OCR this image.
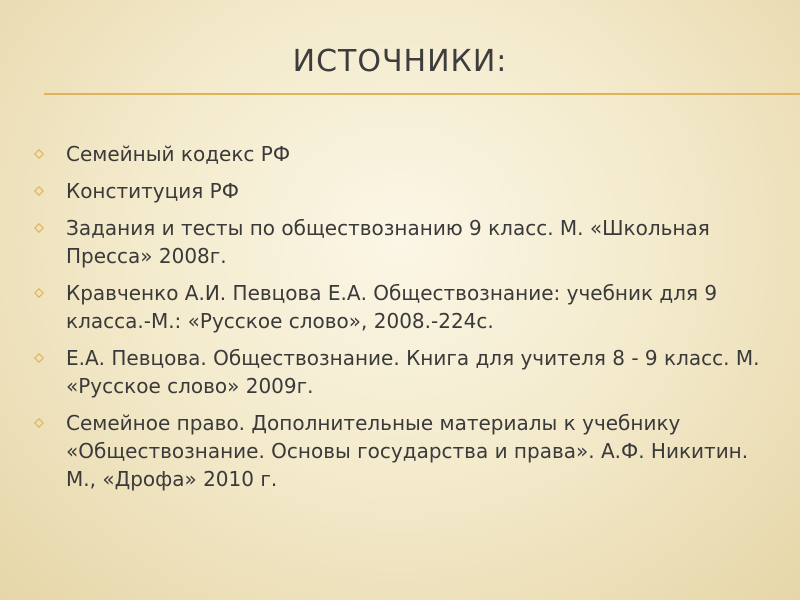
ИСТОЧНИКИ:
Семейный кодекс РФ
Конституция РФ
Задания и тесты по обществознанию 9 класс. М. «Школьная Пресса» 2008г.
Кравченко А.И. Певцова Е.А. Обществознание: учебник для 9 класса.-М.: «Русское слово», 2008.-224с.
Е.А. Певцова. Обществознание. Книга для учителя 8 - 9 класс. М. «Русское слово» 2009г.
Семейное право. Дополнительные материалы к учебнику «Обществознание. Основы государства и права». А.Ф. Никитин. М., «Дрофа» 2010 г.
